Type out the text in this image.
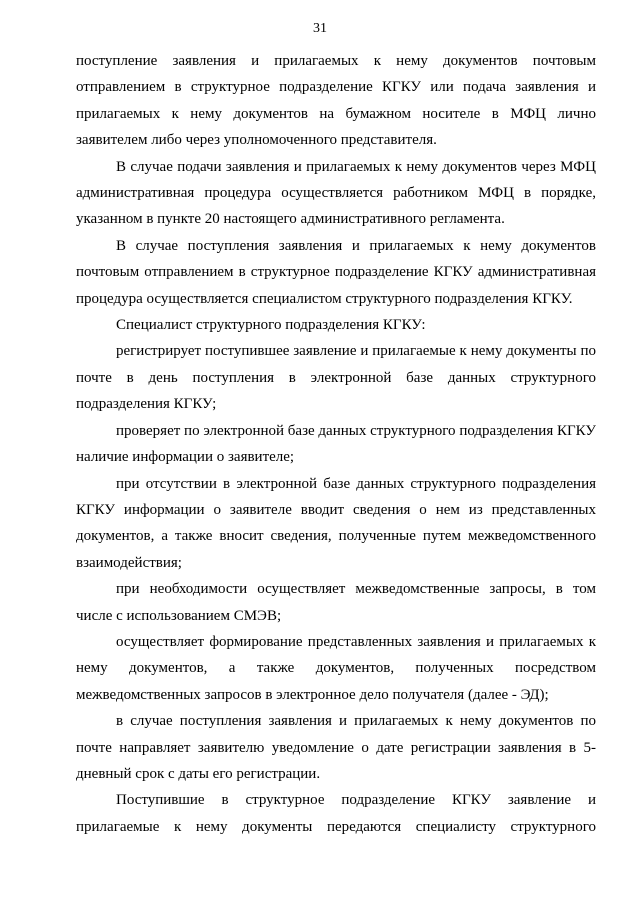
31

поступление заявления и прилагаемых к нему документов почтовым отправлением в структурное подразделение КГКУ или подача заявления и прилагаемых к нему документов на бумажном носителе в МФЦ лично заявителем либо через уполномоченного представителя.

В случае подачи заявления и прилагаемых к нему документов через МФЦ административная процедура осуществляется работником МФЦ в порядке, указанном в пункте 20 настоящего административного регламента.

В случае поступления заявления и прилагаемых к нему документов почтовым отправлением в структурное подразделение КГКУ административная процедура осуществляется специалистом структурного подразделения КГКУ.

Специалист структурного подразделения КГКУ:

регистрирует поступившее заявление и прилагаемые к нему документы по почте в день поступления в электронной базе данных структурного подразделения КГКУ;

проверяет по электронной базе данных структурного подразделения КГКУ наличие информации о заявителе;

при отсутствии в электронной базе данных структурного подразделения КГКУ информации о заявителе вводит сведения о нем из представленных документов, а также вносит сведения, полученные путем межведомственного взаимодействия;

при необходимости осуществляет межведомственные запросы, в том числе с использованием СМЭВ;

осуществляет формирование представленных заявления и прилагаемых к нему документов, а также документов, полученных посредством межведомственных запросов в электронное дело получателя (далее - ЭД);

в случае поступления заявления и прилагаемых к нему документов по почте направляет заявителю уведомление о дате регистрации заявления в 5-дневный срок с даты его регистрации.

Поступившие в структурное подразделение КГКУ заявление и прилагаемые к нему документы передаются специалисту структурного
